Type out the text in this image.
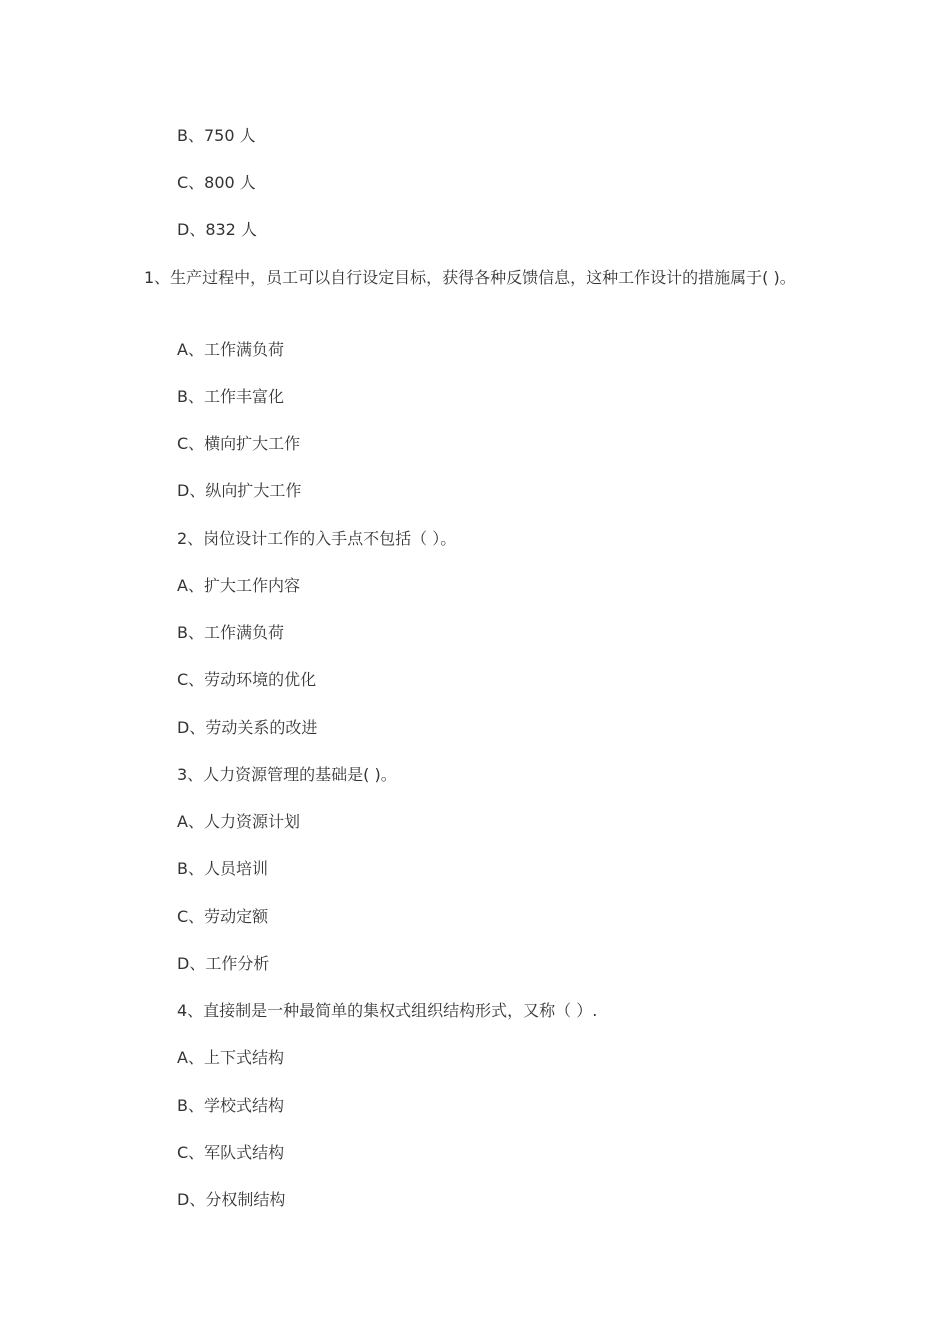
B、750 人
C、800 人
D、832 人
1、生产过程中，员工可以自行设定目标，获得各种反馈信息，这种工作设计的措施属于( )。
A、工作满负荷
B、工作丰富化
C、横向扩大工作
D、纵向扩大工作
2、岗位设计工作的入手点不包括（ ）。
A、扩大工作内容
B、工作满负荷
C、劳动环境的优化
D、劳动关系的改进
3、人力资源管理的基础是( )。
A、人力资源计划
B、人员培训
C、劳动定额
D、工作分析
4、直接制是一种最简单的集权式组织结构形式，又称（ ）.
A、上下式结构
B、学校式结构
C、军队式结构
D、分权制结构
